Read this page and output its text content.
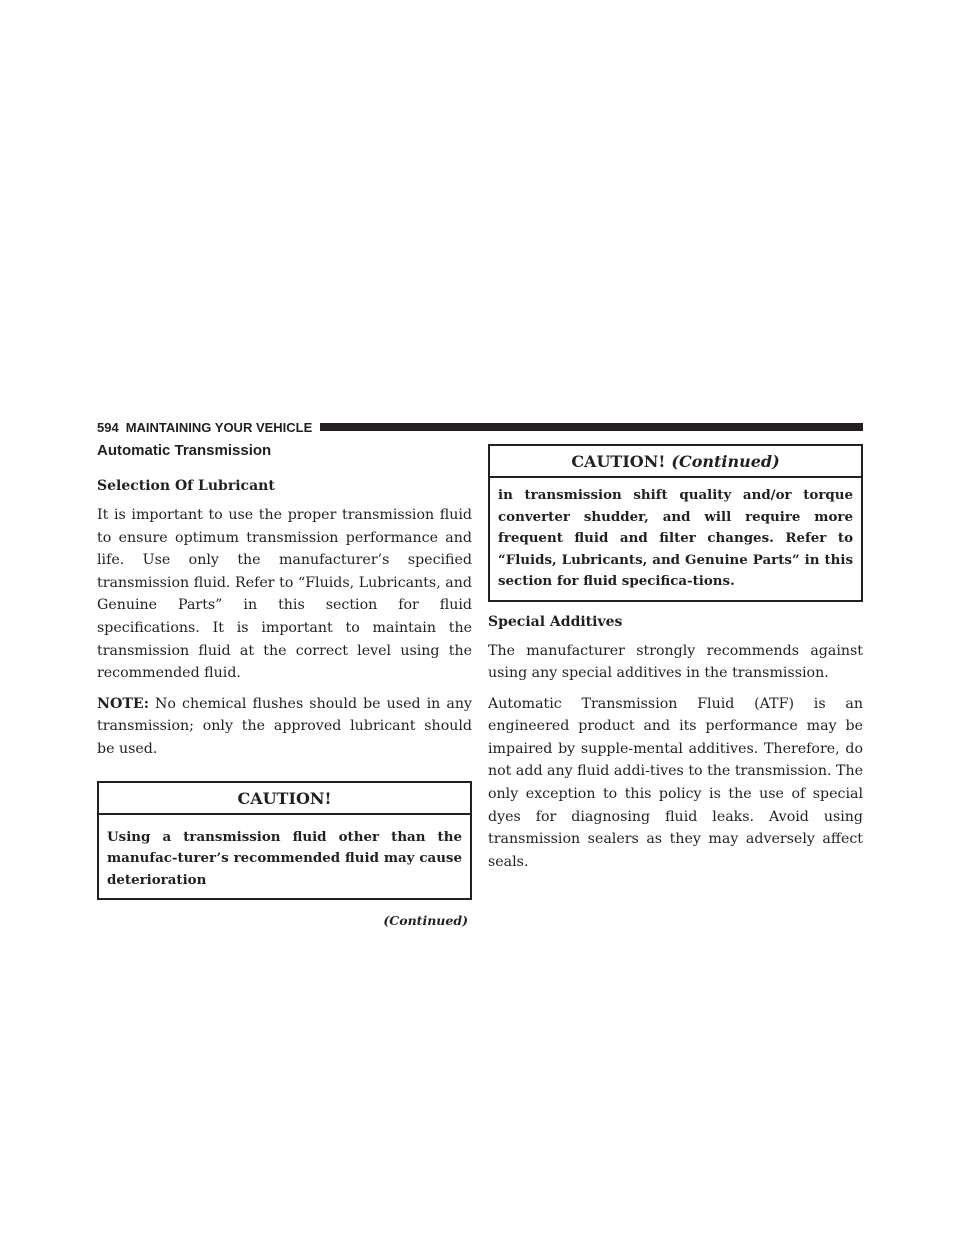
594 MAINTAINING YOUR VEHICLE
Automatic Transmission
Selection Of Lubricant

It is important to use the proper transmission fluid to ensure optimum transmission performance and life. Use only the manufacturer’s specified transmission fluid. Refer to “Fluids, Lubricants, and Genuine Parts” in this section for fluid specifications. It is important to maintain the transmission fluid at the correct level using the recommended fluid.

NOTE: No chemical flushes should be used in any transmission; only the approved lubricant should be used.

CAUTION!
Using a transmission fluid other than the manufac-turer’s recommended fluid may cause deterioration
(Continued)
CAUTION! (Continued)
in transmission shift quality and/or torque converter shudder, and will require more frequent fluid and filter changes. Refer to “Fluids, Lubricants, and Genuine Parts” in this section for fluid specifica-tions.
Special Additives

The manufacturer strongly recommends against using any special additives in the transmission.

Automatic Transmission Fluid (ATF) is an engineered product and its performance may be impaired by supple-mental additives. Therefore, do not add any fluid addi-tives to the transmission. The only exception to this policy is the use of special dyes for diagnosing fluid leaks. Avoid using transmission sealers as they may adversely affect seals.
